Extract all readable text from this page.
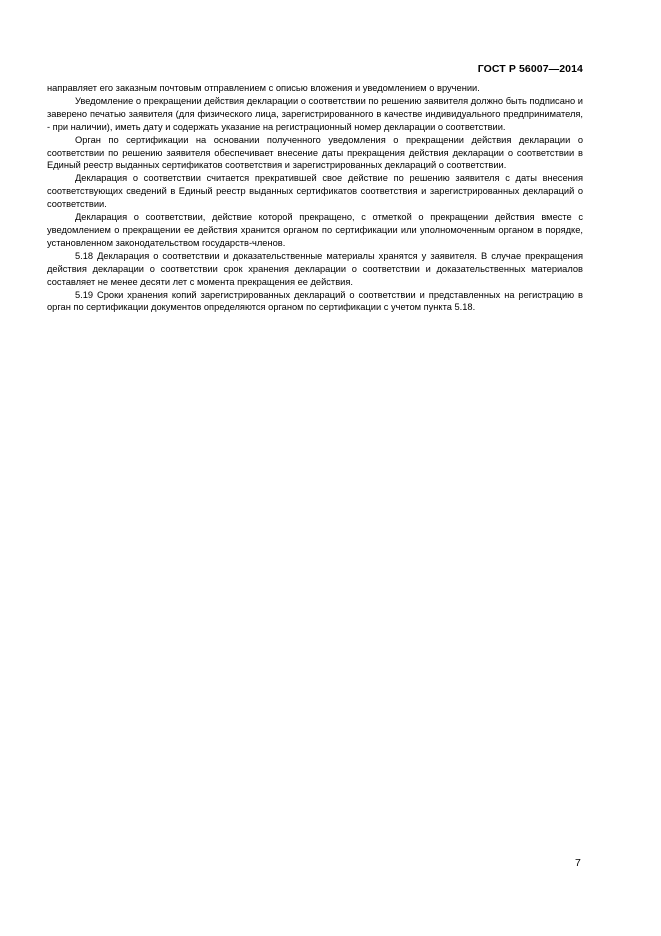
ГОСТ Р 56007—2014

направляет его заказным почтовым отправлением с описью вложения и уведомлением о вручении.

Уведомление о прекращении действия декларации о соответствии по решению заявителя должно быть подписано и заверено печатью заявителя (для физического лица, зарегистрированного в качестве индивидуального предпринимателя, - при наличии), иметь дату и содержать указание на регистрационный номер декларации о соответствии.

Орган по сертификации на основании полученного уведомления о прекращении действия декларации о соответствии по решению заявителя обеспечивает внесение даты прекращения действия декларации о соответствии в Единый реестр выданных сертификатов соответствия и зарегистрированных деклараций о соответствии.

Декларация о соответствии считается прекратившей свое действие по решению заявителя с даты внесения соответствующих сведений в Единый реестр выданных сертификатов соответствия и зарегистрированных деклараций о соответствии.

Декларация о соответствии, действие которой прекращено, с отметкой о прекращении действия вместе с уведомлением о прекращении ее действия хранится органом по сертификации или уполномоченным органом в порядке, установленном законодательством государств-членов.

5.18 Декларация о соответствии и доказательственные материалы хранятся у заявителя. В случае прекращения действия декларации о соответствии срок хранения декларации о соответствии и доказательственных материалов составляет не менее десяти лет с момента прекращения ее действия.

5.19 Сроки хранения копий зарегистрированных деклараций о соответствии и представленных на регистрацию в орган по сертификации документов определяются органом по сертификации с учетом пункта 5.18.

7
